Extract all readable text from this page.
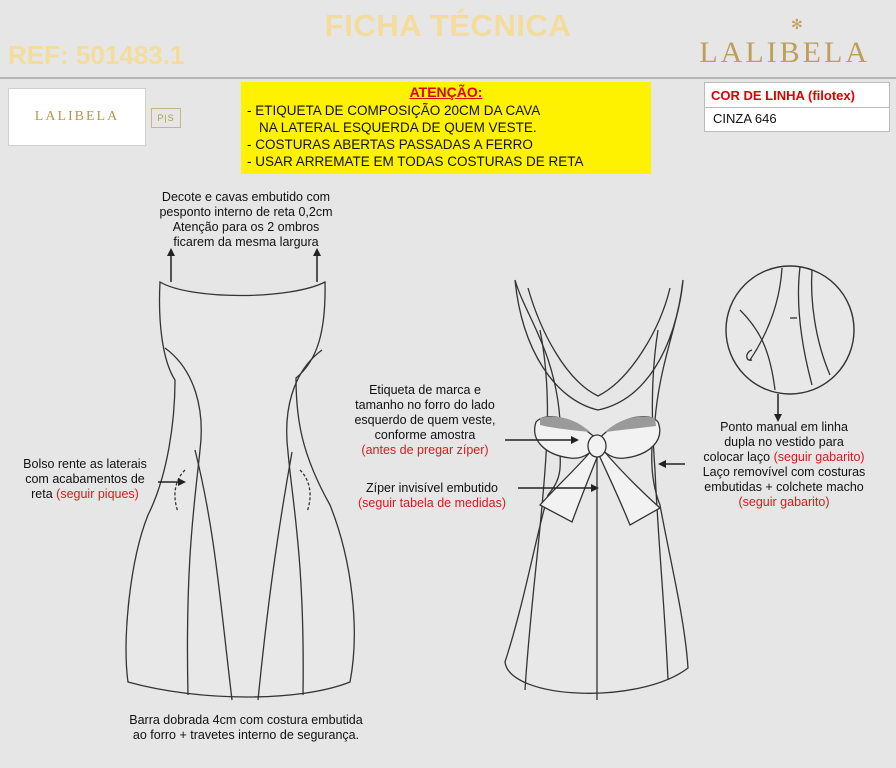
FICHA TÉCNICA
REF: 501483.1
✻
LALIBELA
LALIBELA	P|S
ATENÇÃO:
- ETIQUETA DE COMPOSIÇÃO 20CM DA CAVA
NA LATERAL ESQUERDA DE QUEM VESTE.
- COSTURAS ABERTAS PASSADAS A FERRO
- USAR ARREMATE EM TODAS COSTURAS DE RETA
COR DE LINHA (filotex)
CINZA 646
Decote e cavas embutido com
pesponto interno de reta 0,2cm
Atenção para os 2 ombros
ficarem da mesma largura
Bolso rente as laterais
com acabamentos de
reta (seguir piques)
Barra dobrada 4cm com costura embutida
ao forro + travetes interno de segurança.
Etiqueta de marca e
tamanho no forro do lado
esquerdo de quem veste,
conforme amostra
(antes de pregar zíper)
Zíper invisível embutido
(seguir tabela de medidas)
Ponto manual em linha
dupla no vestido para
colocar laço (seguir gabarito)
Laço removível com costuras
embutidas + colchete macho
(seguir gabarito)
